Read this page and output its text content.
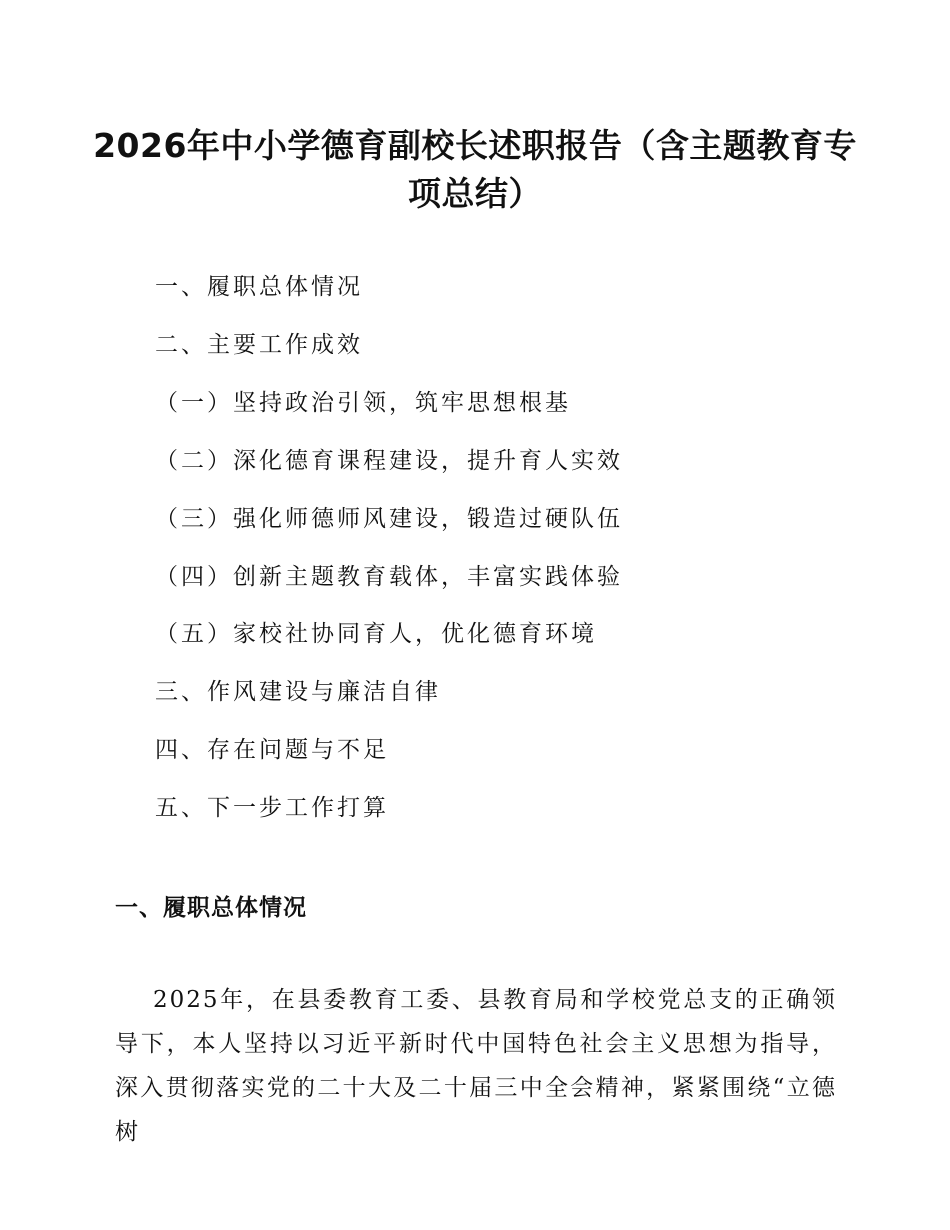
2026年中小学德育副校长述职报告（含主题教育专项总结）
一、履职总体情况
二、主要工作成效
（一）坚持政治引领，筑牢思想根基
（二）深化德育课程建设，提升育人实效
（三）强化师德师风建设，锻造过硬队伍
（四）创新主题教育载体，丰富实践体验
（五）家校社协同育人，优化德育环境
三、作风建设与廉洁自律
四、存在问题与不足
五、下一步工作打算
一、履职总体情况

2025年，在县委教育工委、县教育局和学校党总支的正确领导下，本人坚持以习近平新时代中国特色社会主义思想为指导，深入贯彻落实党的二十大及二十届三中全会精神，紧紧围绕“立德树
